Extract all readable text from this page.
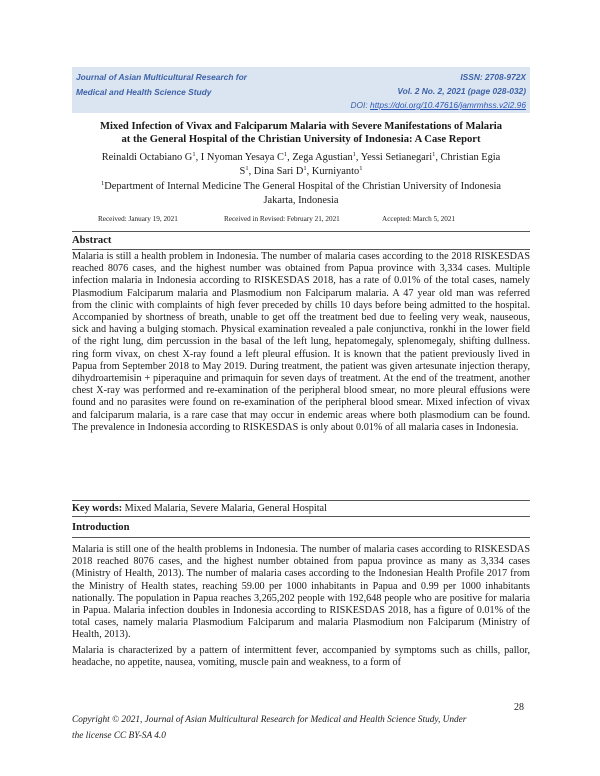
Journal of Asian Multicultural Research for
Medical and Health Science Study
ISSN: 2708-972X
Vol. 2 No. 2, 2021 (page 028-032)
DOI: https://doi.org/10.47616/jamrmhss.v2i2.96
Mixed Infection of Vivax and Falciparum Malaria with Severe Manifestations of Malaria
at the General Hospital of the Christian University of Indonesia: A Case Report
Reinaldi Octabiano $G^1$, I Nyoman Yesaya $C^1$, Zega Agustian$^1$, Yessi Setianegari$^1$, Christian Egia
$S^1$, Dina Sari $D^1$, Kurniyanto$^1$
$^1$Department of Internal Medicine The General Hospital of the Christian University of Indonesia
Jakarta, Indonesia
Received: January 19, 2021	Received in Revised: February 21, 2021	Accepted: March 5, 2021
Abstract
Malaria is still a health problem in Indonesia. The number of malaria cases according to the 2018 RISKESDAS reached 8076 cases, and the highest number was obtained from Papua province with 3,334 cases. Multiple infection malaria in Indonesia according to RISKESDAS 2018, has a rate of 0.01% of the total cases, namely Plasmodium Falciparum malaria and Plasmodium non Falciparum malaria. A 47 year old man was referred from the clinic with complaints of high fever preceded by chills 10 days before being admitted to the hospital. Accompanied by shortness of breath, unable to get off the treatment bed due to feeling very weak, nauseous, sick and having a bulging stomach. Physical examination revealed a pale conjunctiva, ronkhi in the lower field of the right lung, dim percussion in the basal of the left lung, hepatomegaly, splenomegaly, shifting dullness. ring form vivax, on chest X-ray found a left pleural effusion. It is known that the patient previously lived in Papua from September 2018 to May 2019. During treatment, the patient was given artesunate injection therapy, dihydroartemisin + piperaquine and primaquin for seven days of treatment. At the end of the treatment, another chest X-ray was performed and re-examination of the peripheral blood smear, no more pleural effusions were found and no parasites were found on re-examination of the peripheral blood smear. Mixed infection of vivax and falciparum malaria, is a rare case that may occur in endemic areas where both plasmodium can be found. The prevalence in Indonesia according to RISKESDAS is only about 0.01% of all malaria cases in Indonesia.
Key words: Mixed Malaria, Severe Malaria, General Hospital
Introduction
Malaria is still one of the health problems in Indonesia. The number of malaria cases according to RISKESDAS 2018 reached 8076 cases, and the highest number obtained from papua province as many as 3,334 cases (Ministry of Health, 2013). The number of malaria cases according to the Indonesian Health Profile 2017 from the Ministry of Health states, reaching 59.00 per 1000 inhabitants in Papua and 0.99 per 1000 inhabitants nationally. The population in Papua reaches 3,265,202 people with 192,648 people who are positive for malaria in Papua. Malaria infection doubles in Indonesia according to RISKESDAS 2018, has a figure of 0.01% of the total cases, namely malaria Plasmodium Falciparum and malaria Plasmodium non Falciparum (Ministry of Health, 2013).
Malaria is characterized by a pattern of intermittent fever, accompanied by symptoms such as chills, pallor, headache, no appetite, nausea, vomiting, muscle pain and weakness, to a form of
28
Copyright © 2021, Journal of Asian Multicultural Research for Medical and Health Science Study, Under
the license CC BY-SA 4.0
